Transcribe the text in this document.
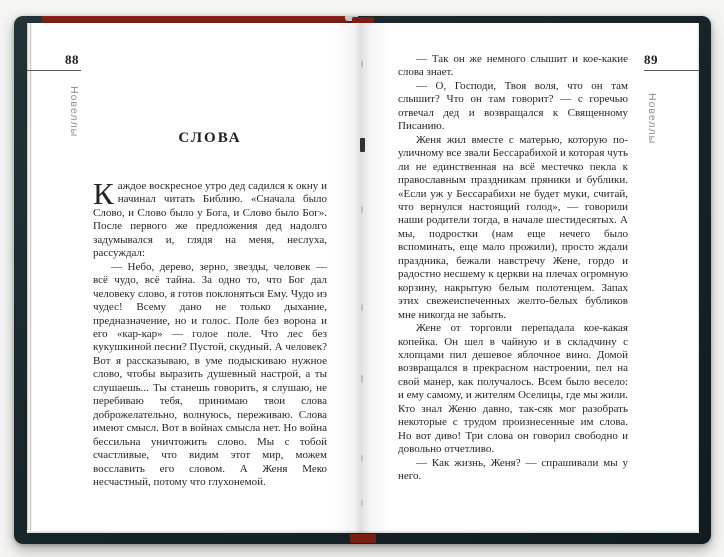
88
Новеллы
СЛОВА

Каждое воскресное утро дед садился к окну и начинал читать Библию. «Сначала было Слово, и Слово было у Бога, и Слово было Бог». После первого же предложения дед надолго задумывался и, глядя на меня, неслуха, рассуждал:

— Небо, дерево, зерно, звезды, человек — всё чудо, всё тайна. За одно то, что Бог дал человеку слово, я готов поклоняться Ему. Чудо из чудес! Всему дано не только дыхание, предназначение, но и голос. Поле без ворона и его «кар-кар» — голое поле. Что лес без кукушкиной песни? Пустой, скудный. А человек? Вот я рассказываю, в уме подыскиваю нужное слово, чтобы выразить душевный настрой, а ты слушаешь... Ты станешь говорить, я слушаю, не перебиваю тебя, принимаю твои слова доброжелательно, волнуюсь, переживаю. Слова имеют смысл. Вот в войнах смысла нет. Но война бессильна уничтожить слово. Мы с тобой счастливые, что видим этот мир, можем восславить его словом. А Женя Меко несчастный, потому что глухонемой.

89
Новеллы

— Так он же немного слышит и кое-какие слова знает.

— О, Господи, Твоя воля, что он там слышит? Что он там говорит? — с горечью отвечал дед и возвращался к Священному Писанию.

Женя жил вместе с матерью, которую по-уличному все звали Бессарабихой и которая чуть ли не единственная на всё местечко пекла к православным праздникам пряники и бублики. «Если уж у Бессарабихи не будет муки, считай, что вернулся настоящий голод», — говорили наши родители тогда, в начале шестидесятых. А мы, подростки (нам еще нечего было вспоминать, еще мало прожили), просто ждали праздника, бежали навстречу Жене, гордо и радостно несшему к церкви на плечах огромную корзину, накрытую белым полотенцем. Запах этих свежеиспеченных желто-белых бубликов мне никогда не забыть.

Жене от торговли перепадала кое-какая копейка. Он шел в чайную и в складчину с хлопцами пил дешевое яблочное вино. Домой возвращался в прекрасном настроении, пел на свой манер, как получалось. Всем было весело: и ему самому, и жителям Оселицы, где мы жили. Кто знал Женю давно, так-сяк мог разобрать некоторые с трудом произнесенные им слова. Но вот диво! Три слова он говорил свободно и довольно отчетливо.

— Как жизнь, Женя? — спрашивали мы у него.
